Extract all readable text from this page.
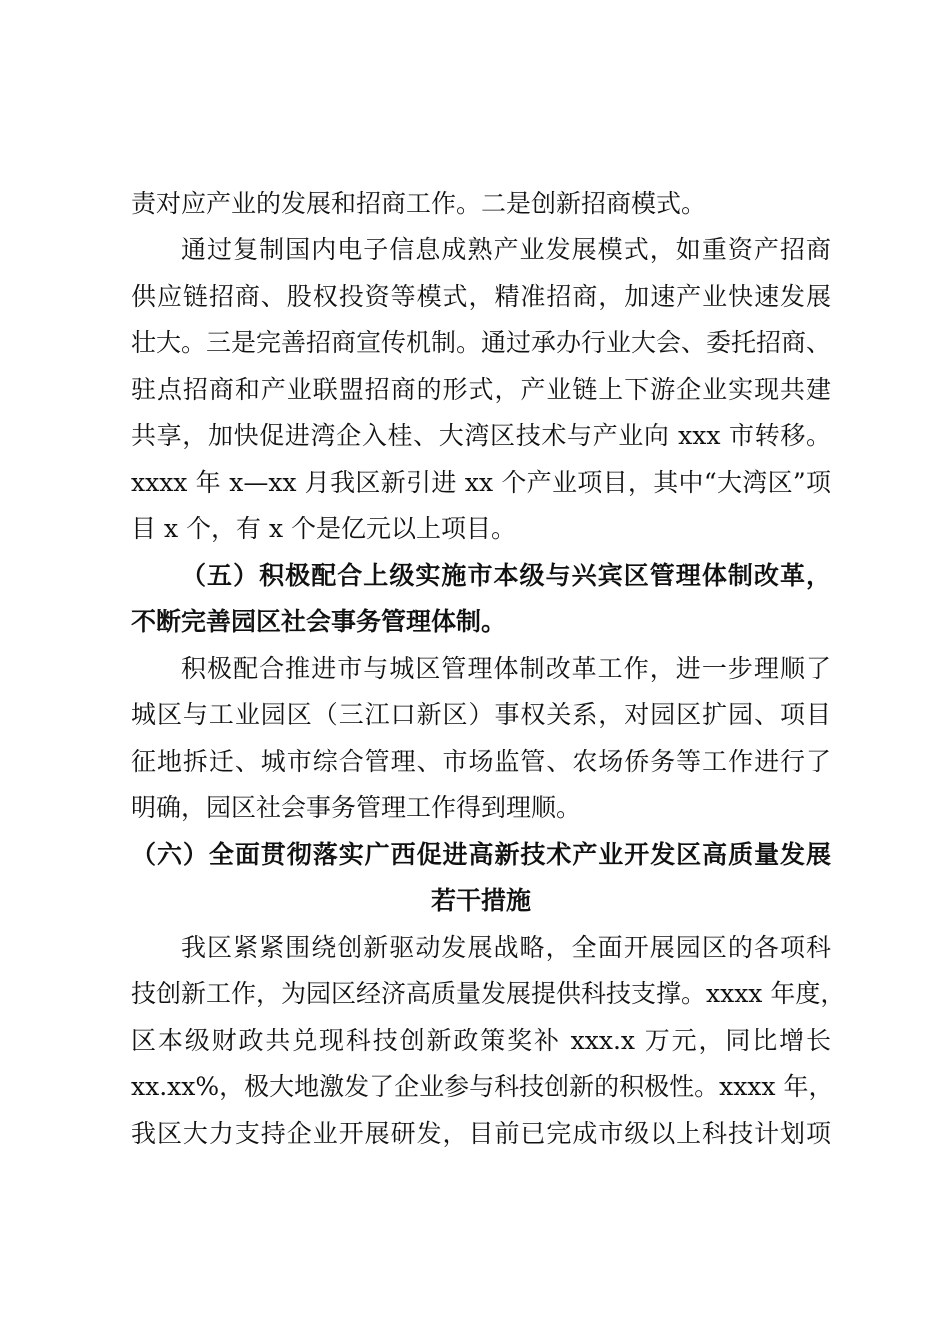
责对应产业的发展和招商工作。二是创新招商模式。
通过复制国内电子信息成熟产业发展模式，如重资产招商
供应链招商、股权投资等模式，精准招商，加速产业快速发展
壮大。三是完善招商宣传机制。通过承办行业大会、委托招商、
驻点招商和产业联盟招商的形式，产业链上下游企业实现共建
共享，加快促进湾企入桂、大湾区技术与产业向 xxx 市转移。
xxxx 年 x—xx 月我区新引进 xx 个产业项目，其中“大湾区”项
目 x 个，有 x 个是亿元以上项目。
（五）积极配合上级实施市本级与兴宾区管理体制改革，
不断完善园区社会事务管理体制。
积极配合推进市与城区管理体制改革工作，进一步理顺了
城区与工业园区（三江口新区）事权关系，对园区扩园、项目
征地拆迁、城市综合管理、市场监管、农场侨务等工作进行了
明确，园区社会事务管理工作得到理顺。
（六）全面贯彻落实广西促进高新技术产业开发区高质量发展
若干措施
我区紧紧围绕创新驱动发展战略，全面开展园区的各项科
技创新工作，为园区经济高质量发展提供科技支撑。xxxx 年度，
区本级财政共兑现科技创新政策奖补 xxx.x 万元，同比增长
xx.xx%，极大地激发了企业参与科技创新的积极性。xxxx 年，
我区大力支持企业开展研发，目前已完成市级以上科技计划项
